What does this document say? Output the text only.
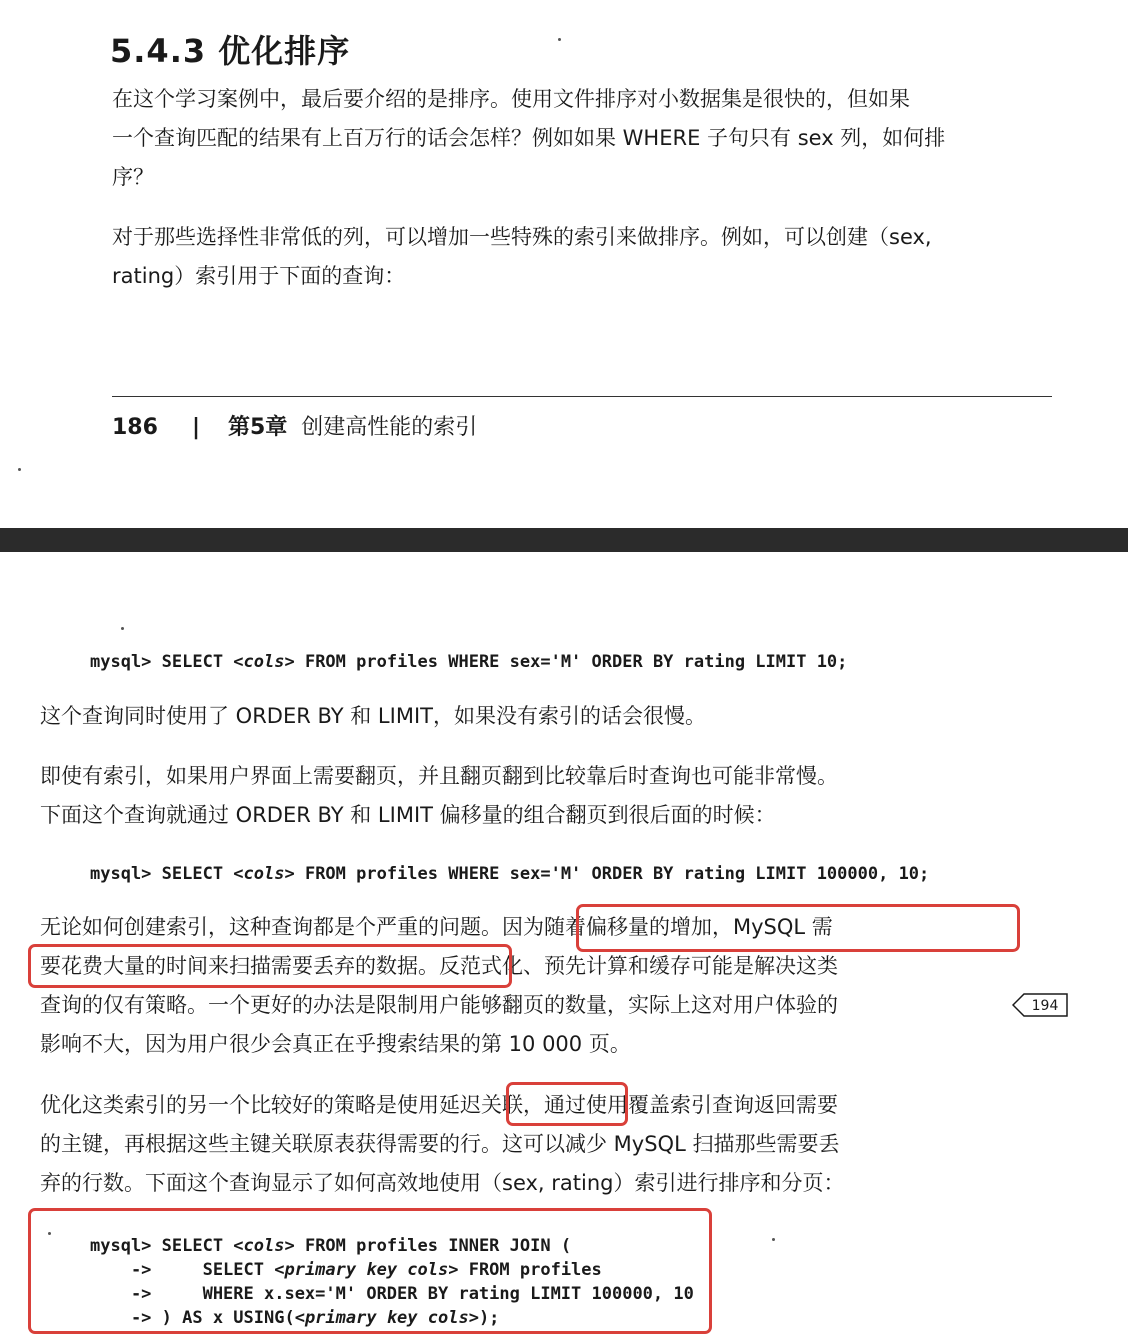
5.4.3 优化排序
在这个学习案例中，最后要介绍的是排序。使用文件排序对小数据集是很快的，但如果
一个查询匹配的结果有上百万行的话会怎样？例如如果 WHERE 子句只有 sex 列，如何排
序？
对于那些选择性非常低的列，可以增加一些特殊的索引来做排序。例如，可以创建（sex,
rating）索引用于下面的查询：
186 | 第5章 创建高性能的索引
mysql> SELECT <cols> FROM profiles WHERE sex='M' ORDER BY rating LIMIT 10;
这个查询同时使用了 ORDER BY 和 LIMIT，如果没有索引的话会很慢。
即使有索引，如果用户界面上需要翻页，并且翻页翻到比较靠后时查询也可能非常慢。
下面这个查询就通过 ORDER BY 和 LIMIT 偏移量的组合翻页到很后面的时候：
mysql> SELECT <cols> FROM profiles WHERE sex='M' ORDER BY rating LIMIT 100000, 10;
无论如何创建索引，这种查询都是个严重的问题。因为随着偏移量的增加，MySQL 需
要花费大量的时间来扫描需要丢弃的数据。反范式化、预先计算和缓存可能是解决这类
查询的仅有策略。一个更好的办法是限制用户能够翻页的数量，实际上这对用户体验的
影响不大，因为用户很少会真正在乎搜索结果的第 10 000 页。
194
优化这类索引的另一个比较好的策略是使用延迟关联，通过使用覆盖索引查询返回需要
的主键，再根据这些主键关联原表获得需要的行。这可以减少 MySQL 扫描那些需要丢
弃的行数。下面这个查询显示了如何高效地使用（sex, rating）索引进行排序和分页：
mysql> SELECT <cols> FROM profiles INNER JOIN (
->     SELECT <primary key cols> FROM profiles
->     WHERE x.sex='M' ORDER BY rating LIMIT 100000, 10
-> ) AS x USING(<primary key cols>);
